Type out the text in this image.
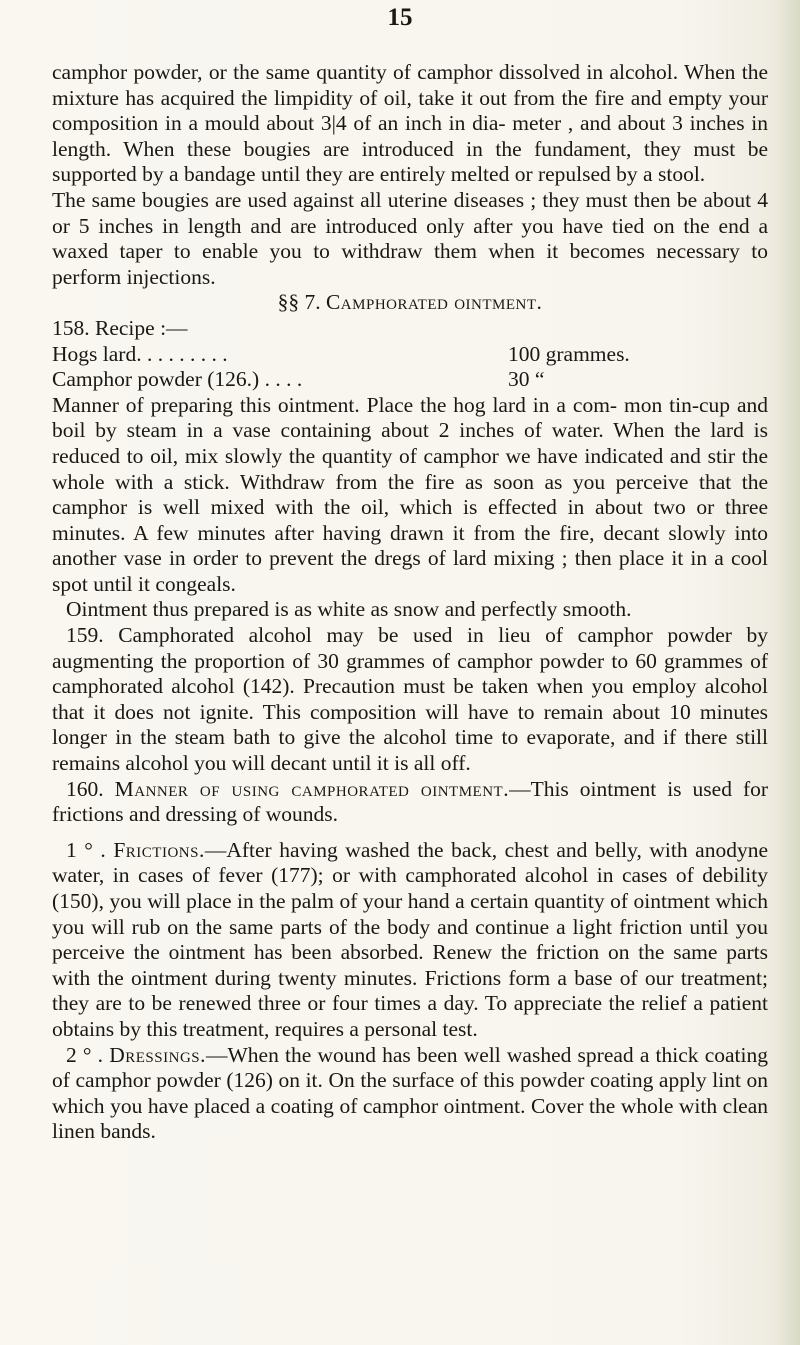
15

camphor powder, or the same quantity of camphor dissolved in alcohol. When the mixture has acquired the limpidity of oil, take it out from the fire and empty your composition in a mould about 3|4 of an inch in dia- meter , and about 3 inches in length. When these bougies are introduced in the fundament, they must be supported by a bandage until they are entirely melted or repulsed by a stool.

The same bougies are used against all uterine diseases ; they must then be about 4 or 5 inches in length and are introduced only after you have tied on the end a waxed taper to enable you to withdraw them when it becomes necessary to perform injections.

§§ 7. Camphorated ointment.

158. Recipe :—

Hogs lard. . . . . . . . .	100 grammes.
Camphor powder (126.) . . . .	30 “

Manner of preparing this ointment. Place the hog lard in a com- mon tin-cup and boil by steam in a vase containing about 2 inches of water. When the lard is reduced to oil, mix slowly the quantity of camphor we have indicated and stir the whole with a stick. Withdraw from the fire as soon as you perceive that the camphor is well mixed with the oil, which is effected in about two or three minutes. A few minutes after having drawn it from the fire, decant slowly into another vase in order to prevent the dregs of lard mixing ; then place it in a cool spot until it congeals.

Ointment thus prepared is as white as snow and perfectly smooth.

159. Camphorated alcohol may be used in lieu of camphor powder by augmenting the proportion of 30 grammes of camphor powder to 60 grammes of camphorated alcohol (142). Precaution must be taken when you employ alcohol that it does not ignite. This composition will have to remain about 10 minutes longer in the steam bath to give the alcohol time to evaporate, and if there still remains alcohol you will decant until it is all off.

160. Manner of using camphorated ointment.—This ointment is used for frictions and dressing of wounds.

1 ° . Frictions.—After having washed the back, chest and belly, with anodyne water, in cases of fever (177); or with camphorated alcohol in cases of debility (150), you will place in the palm of your hand a certain quantity of ointment which you will rub on the same parts of the body and continue a light friction until you perceive the ointment has been absorbed. Renew the friction on the same parts with the ointment during twenty minutes. Frictions form a base of our treatment; they are to be renewed three or four times a day. To appreciate the relief a patient obtains by this treatment, requires a personal test.

2 ° . Dressings.—When the wound has been well washed spread a thick coating of camphor powder (126) on it. On the surface of this powder coating apply lint on which you have placed a coating of camphor ointment. Cover the whole with clean linen bands.
